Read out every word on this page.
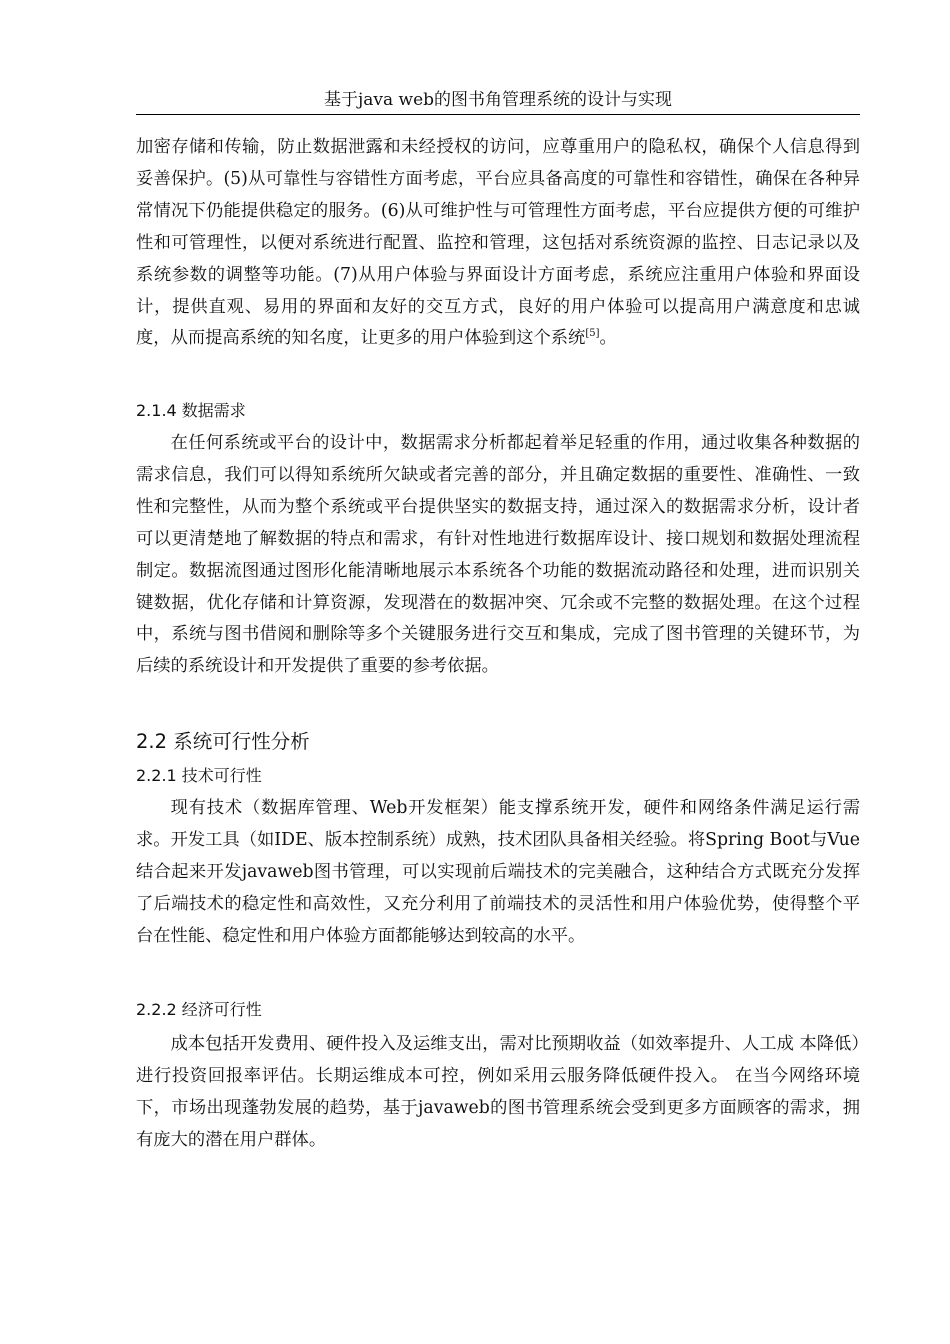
基于java web的图书角管理系统的设计与实现

加密存储和传输，防止数据泄露和未经授权的访问，应尊重用户的隐私权，确保个人信息得到妥善保护。(5)从可靠性与容错性方面考虑，平台应具备高度的可靠性和容错性，确保在各种异常情况下仍能提供稳定的服务。(6)从可维护性与可管理性方面考虑，平台应提供方便的可维护性和可管理性，以便对系统进行配置、监控和管理，这包括对系统资源的监控、日志记录以及系统参数的调整等功能。(7)从用户体验与界面设计方面考虑，系统应注重用户体验和界面设计，提供直观、易用的界面和友好的交互方式，良好的用户体验可以提高用户满意度和忠诚度，从而提高系统的知名度，让更多的用户体验到这个系统[5]。

2.1.4 数据需求

在任何系统或平台的设计中，数据需求分析都起着举足轻重的作用，通过收集各种数据的需求信息，我们可以得知系统所欠缺或者完善的部分，并且确定数据的重要性、准确性、一致性和完整性，从而为整个系统或平台提供坚实的数据支持，通过深入的数据需求分析，设计者可以更清楚地了解数据的特点和需求，有针对性地进行数据库设计、接口规划和数据处理流程制定。数据流图通过图形化能清晰地展示本系统各个功能的数据流动路径和处理，进而识别关键数据，优化存储和计算资源，发现潜在的数据冲突、冗余或不完整的数据处理。在这个过程中，系统与图书借阅和删除等多个关键服务进行交互和集成，完成了图书管理的关键环节，为后续的系统设计和开发提供了重要的参考依据。

2.2 系统可行性分析
2.2.1 技术可行性

现有技术（数据库管理、Web开发框架）能支撑系统开发，硬件和网络条件满足运行需求。开发工具（如IDE、版本控制系统）成熟，技术团队具备相关经验。将Spring Boot与Vue结合起来开发javaweb图书管理，可以实现前后端技术的完美融合，这种结合方式既充分发挥了后端技术的稳定性和高效性，又充分利用了前端技术的灵活性和用户体验优势，使得整个平台在性能、稳定性和用户体验方面都能够达到较高的水平。

2.2.2 经济可行性

成本包括开发费用、硬件投入及运维支出，需对比预期收益（如效率提升、人工成 本降低）进行投资回报率评估。长期运维成本可控，例如采用云服务降低硬件投入。 在当今网络环境下，市场出现蓬勃发展的趋势，基于javaweb的图书管理系统会受到更多方面顾客的需求，拥有庞大的潜在用户群体。
